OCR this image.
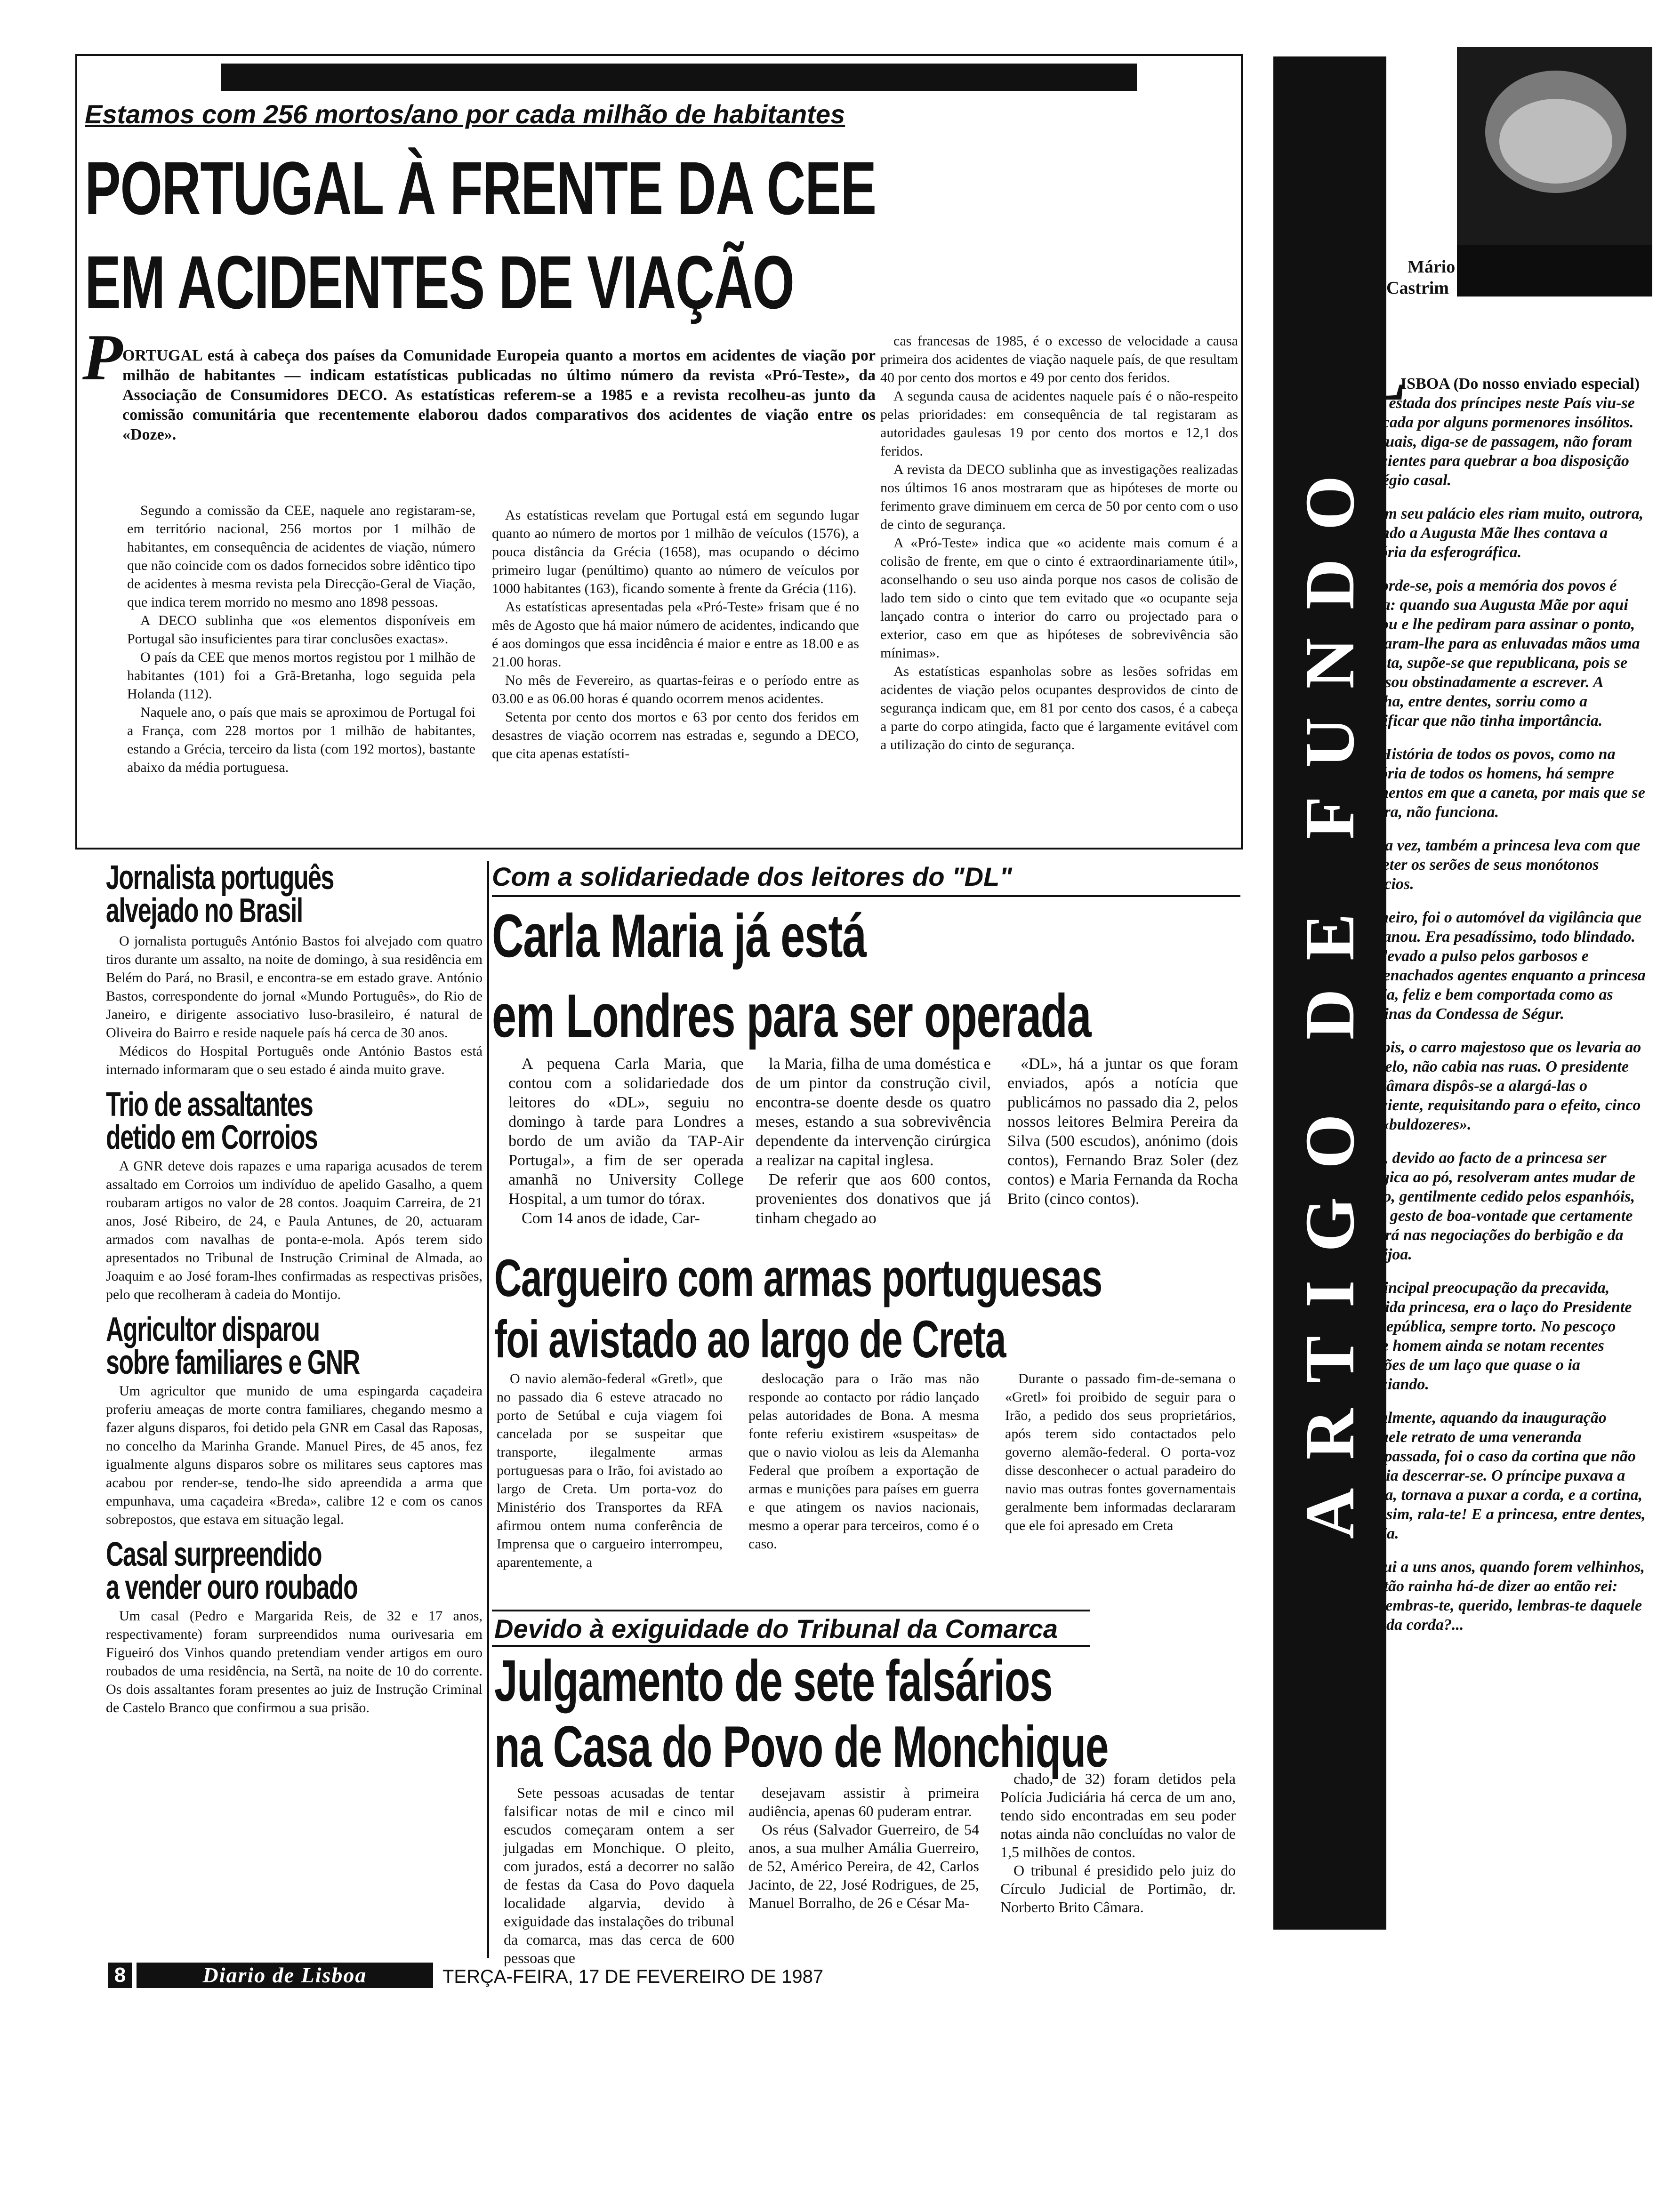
Estamos com 256 mortos/ano por cada milhão de habitantes
PORTUGAL À FRENTE DA CEE
EM ACIDENTES DE VIAÇÃO
P ORTUGAL está à cabeça dos países da Comunidade Europeia quanto a mortos em acidentes de viação por milhão de habitantes — indicam estatísticas publicadas no último número da revista «Pró-Teste», da Associação de Consumidores DECO. As estatísticas referem-se a 1985 e a revista recolheu-as junto da comissão comunitária que recentemente elaborou dados comparativos dos acidentes de viação entre os «Doze».

Segundo a comissão da CEE, naquele ano registaram-se, em território nacional, 256 mortos por 1 milhão de habitantes, em consequência de acidentes de viação, número que não coincide com os dados fornecidos sobre idêntico tipo de acidentes à mesma revista pela Direcção-Geral de Viação, que indica terem morrido no mesmo ano 1898 pessoas.

A DECO sublinha que «os elementos disponíveis em Portugal são insuficientes para tirar conclusões exactas».

O país da CEE que menos mortos registou por 1 milhão de habitantes (101) foi a Grã-Bretanha, logo seguida pela Holanda (112).

Naquele ano, o país que mais se aproximou de Portugal foi a França, com 228 mortos por 1 milhão de habitantes, estando a Grécia, terceiro da lista (com 192 mortos), bastante abaixo da média portuguesa.

As estatísticas revelam que Portugal está em segundo lugar quanto ao número de mortos por 1 milhão de veículos (1576), a pouca distância da Grécia (1658), mas ocupando o décimo primeiro lugar (penúltimo) quanto ao número de veículos por 1000 habitantes (163), ficando somente à frente da Grécia (116).

As estatísticas apresentadas pela «Pró-Teste» frisam que é no mês de Agosto que há maior número de acidentes, indicando que é aos domingos que essa incidência é maior e entre as 18.00 e as 21.00 horas.

No mês de Fevereiro, as quartas-feiras e o período entre as 03.00 e as 06.00 horas é quando ocorrem menos acidentes.

Setenta por cento dos mortos e 63 por cento dos feridos em desastres de viação ocorrem nas estradas e, segundo a DECO, que cita apenas estatísti-

cas francesas de 1985, é o excesso de velocidade a causa primeira dos acidentes de viação naquele país, de que resultam 40 por cento dos mortos e 49 por cento dos feridos.

A segunda causa de acidentes naquele país é o não-respeito pelas prioridades: em consequência de tal registaram as autoridades gaulesas 19 por cento dos mortos e 12,1 dos feridos.

A revista da DECO sublinha que as investigações realizadas nos últimos 16 anos mostraram que as hipóteses de morte ou ferimento grave diminuem em cerca de 50 por cento com o uso de cinto de segurança.

A «Pró-Teste» indica que «o acidente mais comum é a colisão de frente, em que o cinto é extraordinariamente útil», aconselhando o seu uso ainda porque nos casos de colisão de lado tem sido o cinto que tem evitado que «o ocupante seja lançado contra o interior do carro ou projectado para o exterior, caso em que as hipóteses de sobrevivência são mínimas».

As estatísticas espanholas sobre as lesões sofridas em acidentes de viação pelos ocupantes desprovidos de cinto de segurança indicam que, em 81 por cento dos casos, é a cabeça a parte do corpo atingida, facto que é largamente evitável com a utilização do cinto de segurança.

Jornalista português
alvejado no Brasil

O jornalista português António Bastos foi alvejado com quatro tiros durante um assalto, na noite de domingo, à sua residência em Belém do Pará, no Brasil, e encontra-se em estado grave. António Bastos, correspondente do jornal «Mundo Português», do Rio de Janeiro, e dirigente associativo luso-brasileiro, é natural de Oliveira do Bairro e reside naquele país há cerca de 30 anos.

Médicos do Hospital Português onde António Bastos está internado informaram que o seu estado é ainda muito grave.

Trio de assaltantes
detido em Corroios

A GNR deteve dois rapazes e uma rapariga acusados de terem assaltado em Corroios um indivíduo de apelido Gasalho, a quem roubaram artigos no valor de 28 contos. Joaquim Carreira, de 21 anos, José Ribeiro, de 24, e Paula Antunes, de 20, actuaram armados com navalhas de ponta-e-mola. Após terem sido apresentados no Tribunal de Instrução Criminal de Almada, ao Joaquim e ao José foram-lhes confirmadas as respectivas prisões, pelo que recolheram à cadeia do Montijo.

Agricultor disparou
sobre familiares e GNR

Um agricultor que munido de uma espingarda caçadeira proferiu ameaças de morte contra familiares, chegando mesmo a fazer alguns disparos, foi detido pela GNR em Casal das Raposas, no concelho da Marinha Grande. Manuel Pires, de 45 anos, fez igualmente alguns disparos sobre os militares seus captores mas acabou por render-se, tendo-lhe sido apreendida a arma que empunhava, uma caçadeira «Breda», calibre 12 e com os canos sobrepostos, que estava em situação legal.

Casal surpreendido
a vender ouro roubado

Um casal (Pedro e Margarida Reis, de 32 e 17 anos, respectivamente) foram surpreendidos numa ourivesaria em Figueiró dos Vinhos quando pretendiam vender artigos em ouro roubados de uma residência, na Sertã, na noite de 10 do corrente. Os dois assaltantes foram presentes ao juiz de Instrução Criminal de Castelo Branco que confirmou a sua prisão.

Com a solidariedade dos leitores do "DL"
Carla Maria já está
em Londres para ser operada

A pequena Carla Maria, que contou com a solidariedade dos leitores do «DL», seguiu no domingo à tarde para Londres a bordo de um avião da TAP-Air Portugal», a fim de ser operada amanhã no University College Hospital, a um tumor do tórax.

Com 14 anos de idade, Car-

la Maria, filha de uma doméstica e de um pintor da construção civil, encontra-se doente desde os quatro meses, estando a sua sobrevivência dependente da intervenção cirúrgica a realizar na capital inglesa.

De referir que aos 600 contos, provenientes dos donativos que já tinham chegado ao

«DL», há a juntar os que foram enviados, após a notícia que publicámos no passado dia 2, pelos nossos leitores Belmira Pereira da Silva (500 escudos), anónimo (dois contos), Fernando Braz Soler (dez contos) e Maria Fernanda da Rocha Brito (cinco contos).

Cargueiro com armas portuguesas
foi avistado ao largo de Creta

O navio alemão-federal «Gretl», que no passado dia 6 esteve atracado no porto de Setúbal e cuja viagem foi cancelada por se suspeitar que transporte, ilegalmente armas portuguesas para o Irão, foi avistado ao largo de Creta. Um porta-voz do Ministério dos Transportes da RFA afirmou ontem numa conferência de Imprensa que o cargueiro interrompeu, aparentemente, a

deslocação para o Irão mas não responde ao contacto por rádio lançado pelas autoridades de Bona. A mesma fonte referiu existirem «suspeitas» de que o navio violou as leis da Alemanha Federal que proíbem a exportação de armas e munições para países em guerra e que atingem os navios nacionais, mesmo a operar para terceiros, como é o caso.

Durante o passado fim-de-semana o «Gretl» foi proibido de seguir para o Irão, a pedido dos seus proprietários, após terem sido contactados pelo governo alemão-federal. O porta-voz disse desconhecer o actual paradeiro do navio mas outras fontes governamentais geralmente bem informadas declararam que ele foi apresado em Creta

Devido à exiguidade do Tribunal da Comarca
Julgamento de sete falsários
na Casa do Povo de Monchique

Sete pessoas acusadas de tentar falsificar notas de mil e cinco mil escudos começaram ontem a ser julgadas em Monchique. O pleito, com jurados, está a decorrer no salão de festas da Casa do Povo daquela localidade algarvia, devido à exiguidade das instalações do tribunal da comarca, mas das cerca de 600 pessoas que

desejavam assistir à primeira audiência, apenas 60 puderam entrar.

Os réus (Salvador Guerreiro, de 54 anos, a sua mulher Amália Guerreiro, de 52, Américo Pereira, de 42, Carlos Jacinto, de 22, José Rodrigues, de 25, Manuel Borralho, de 26 e César Ma-

chado, de 32) foram detidos pela Polícia Judiciária há cerca de um ano, tendo sido encontradas em seu poder notas ainda não concluídas no valor de 1,5 milhões de contos.

O tribunal é presidido pelo juiz do Círculo Judicial de Portimão, dr. Norberto Brito Câmara.

ARTIGO DE FUNDO
Mário
Castrim
L
ISBOA (Do nosso enviado especial)

— A estada dos príncipes neste País viu-se marcada por alguns pormenores insólitos. Os quais, diga-se de passagem, não foram suficientes para quebrar a boa disposição do régio casal.

Lá em seu palácio eles riam muito, outrora, quando a Augusta Mãe lhes contava a história da esferográfica.

Recorde-se, pois a memória dos povos é curta: quando sua Augusta Mãe por aqui andou e lhe pediram para assinar o ponto, passaram-lhe para as enluvadas mãos uma caneta, supõe-se que republicana, pois se recusou obstinadamente a escrever. A rainha, entre dentes, sorriu como a significar que não tinha importância.

Na História de todos os povos, como na história de todos os homens, há sempre momentos em que a caneta, por mais que se queira, não funciona.

Desta vez, também a princesa leva com que entreter os serões de seus monótonos palácios.

Primeiro, foi o automóvel da vigilância que empanou. Era pesadíssimo, todo blindado. Foi levado a pulso pelos garbosos e empenachados agentes enquanto a princesa sorria, feliz e bem comportada como as meninas da Condessa de Ségur.

Depois, o carro majestoso que os levaria ao Castelo, não cabia nas ruas. O presidente da Câmara dispôs-se a alargá-las o suficiente, requisitando para o efeito, cinco mil «buldozeres».

Mas, devido ao facto de a princesa ser alérgica ao pó, resolveram antes mudar de carro, gentilmente cedido pelos espanhóis, num gesto de boa-vontade que certamente pesará nas negociações do berbigão e da amêijoa.

A principal preocupação da precavida, próvida princesa, era o laço do Presidente da República, sempre torto. No pescoço deste homem ainda se notam recentes vergões de um laço que quase o ia asfixiando.

Finalmente, aquando da inauguração daquele retrato de uma veneranda antepassada, foi o caso da cortina que não queria descerrar-se. O príncipe puxava a corda, tornava a puxar a corda, e a cortina, pois sim, rala-te! E a princesa, entre dentes, sorria.

Daqui a uns anos, quando forem velhinhos, a então rainha há-de dizer ao então rei:

— Lembras-te, querido, lembras-te daquele país da corda?...

8	Diario de Lisboa	TERÇA-FEIRA, 17 DE FEVEREIRO DE 1987
